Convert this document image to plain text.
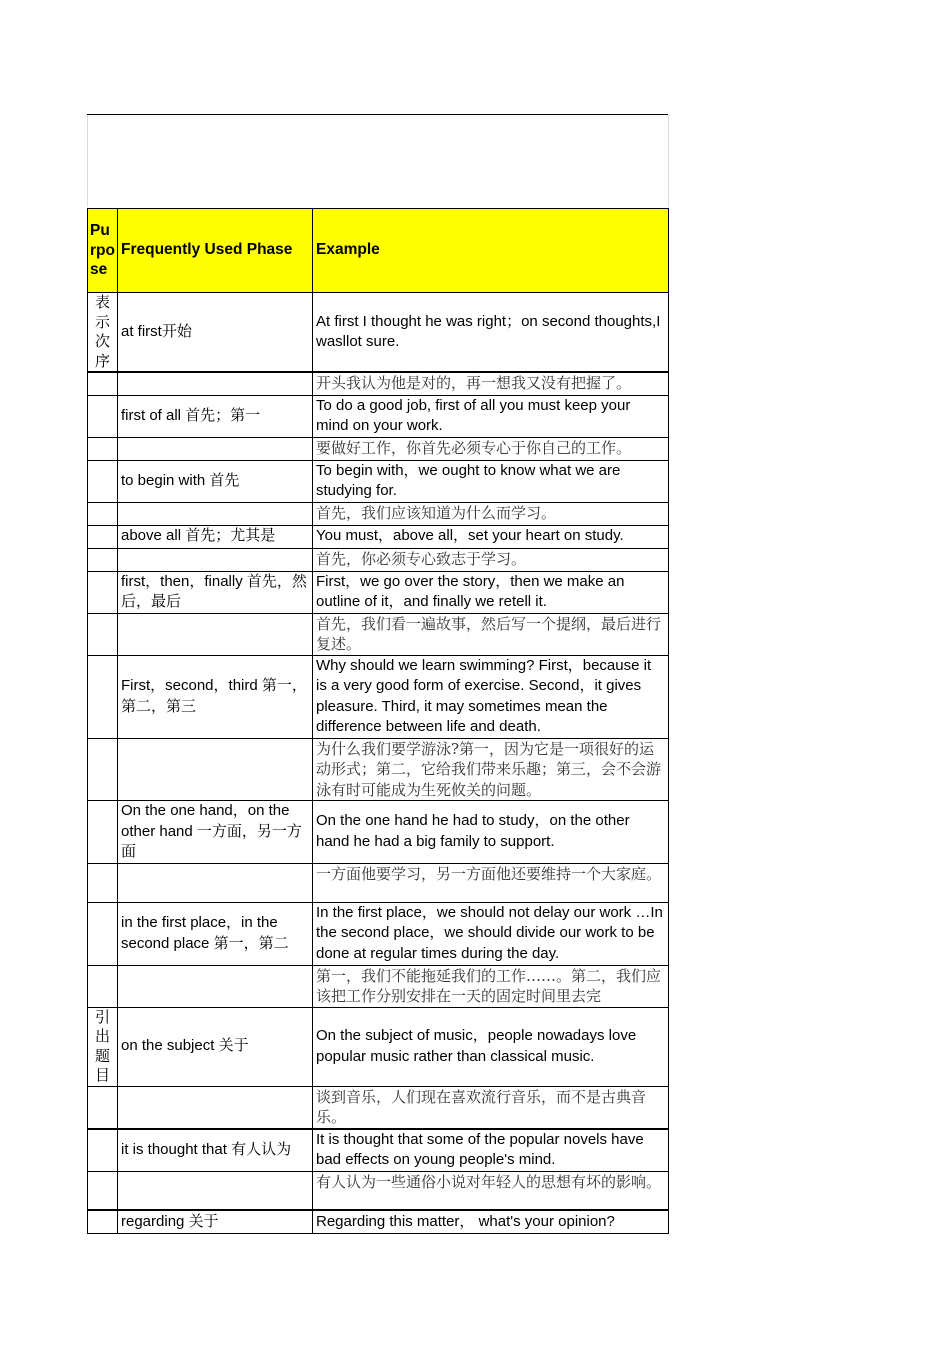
Purpose	Frequently Used Phase	Example
表示次序	at first开始	At first I thought he was right；on second thoughts,I wasllot sure.
		开头我认为他是对的，再一想我又没有把握了。
	first of all 首先；第一	To do a good job, first of all you must keep your mind on your work.
		要做好工作，你首先必须专心于你自己的工作。
	to begin with 首先	To begin with，we ought to know what we are studying for.
		首先，我们应该知道为什么而学习。
	above all 首先；尤其是	You must，above all，set your heart on study.
		首先，你必须专心致志于学习。
	first，then，finally 首先，然后，最后	First，we go over the story，then we make an outline of it，and finally we retell it.
		首先，我们看一遍故事，然后写一个提纲，最后进行复述。
	First，second，third 第一，第二，第三	Why should we learn swimming? First，because it is a very good form of exercise. Second，it gives pleasure. Third, it may sometimes mean the difference between life and death.
		为什么我们要学游泳?第一，因为它是一项很好的运动形式；第二，它给我们带来乐趣；第三，会不会游泳有时可能成为生死攸关的问题。
	On the one hand，on the other hand 一方面，另一方面	On the one hand he had to study，on the other hand he had a big family to support.
		一方面他要学习，另一方面他还要维持一个大家庭。
	in the first place，in the second place 第一，第二	In the first place，we should not delay our work …In the second place，we should divide our work to be done at regular times during the day.
		第一，我们不能拖延我们的工作……。第二，我们应该把工作分别安排在一天的固定时间里去完
引出题目	on the subject 关于	On the subject of music，people nowadays love popular music rather than classical music.
		谈到音乐，人们现在喜欢流行音乐，而不是古典音乐。
	it is thought that 有人认为	It is thought that some of the popular novels have bad effects on young people's mind.
		有人认为一些通俗小说对年轻人的思想有坏的影响。
	regarding 关于	Regarding this matter， what's your opinion?
